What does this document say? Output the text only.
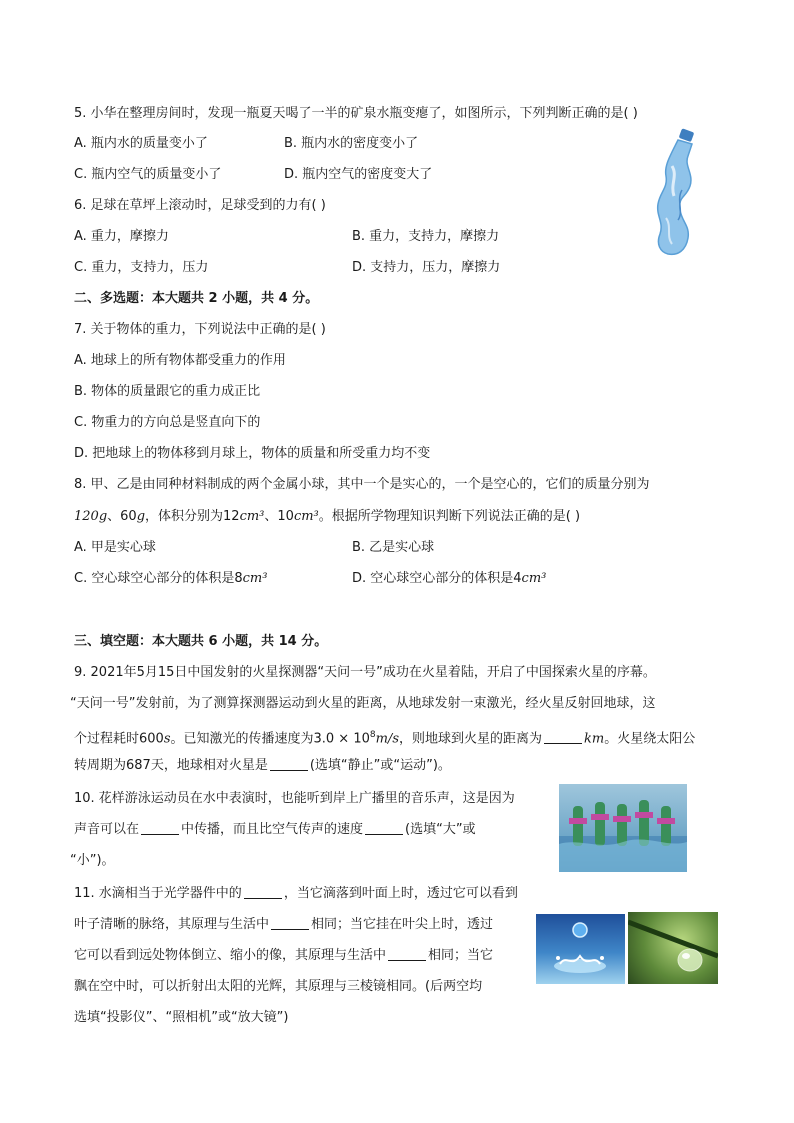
5. 小华在整理房间时，发现一瓶夏天喝了一半的矿泉水瓶变瘪了，如图所示，下列判断正确的是( )
A. 瓶内水的质量变小了	B. 瓶内水的密度变小了
C. 瓶内空气的质量变小了	D. 瓶内空气的密度变大了
6. 足球在草坪上滚动时，足球受到的力有( )
A. 重力，摩擦力	B. 重力，支持力，摩擦力
C. 重力，支持力，压力	D. 支持力，压力，摩擦力
二、多选题：本大题共 2 小题，共 4 分。
7. 关于物体的重力，下列说法中正确的是( )
A. 地球上的所有物体都受重力的作用
B. 物体的质量跟它的重力成正比
C. 物重力的方向总是竖直向下的
D. 把地球上的物体移到月球上，物体的质量和所受重力均不变
8. 甲、乙是由同种材料制成的两个金属小球，其中一个是实心的，一个是空心的，它们的质量分别为
120g、60g，体积分别为12cm³、10cm³。根据所学物理知识判断下列说法正确的是( )
A. 甲是实心球	B. 乙是实心球
C. 空心球空心部分的体积是8cm³	D. 空心球空心部分的体积是4cm³
三、填空题：本大题共 6 小题，共 14 分。
9. 2021年5月15日中国发射的火星探测器“天问一号”成功在火星着陆，开启了中国探索火星的序幕。
“天问一号”发射前，为了测算探测器运动到火星的距离，从地球发射一束激光，经火星反射回地球，这
个过程耗时600s。已知激光的传播速度为$3.0 \times 10^8m/s$，则地球到火星的距离为	km。火星绕太阳公
转周期为687天，地球相对火星是	(选填“静止”或“运动”)。
10. 花样游泳运动员在水中表演时，也能听到岸上广播里的音乐声，这是因为
声音可以在	中传播，而且比空气传声的速度	(选填“大”或
“小”)。
11. 水滴相当于光学器件中的	，当它滴落到叶面上时，透过它可以看到
叶子清晰的脉络，其原理与生活中	相同；当它挂在叶尖上时，透过
它可以看到远处物体倒立、缩小的像，其原理与生活中	相同；当它
飘在空中时，可以折射出太阳的光辉，其原理与三棱镜相同。(后两空均
选填“投影仪”、“照相机”或“放大镜”)
